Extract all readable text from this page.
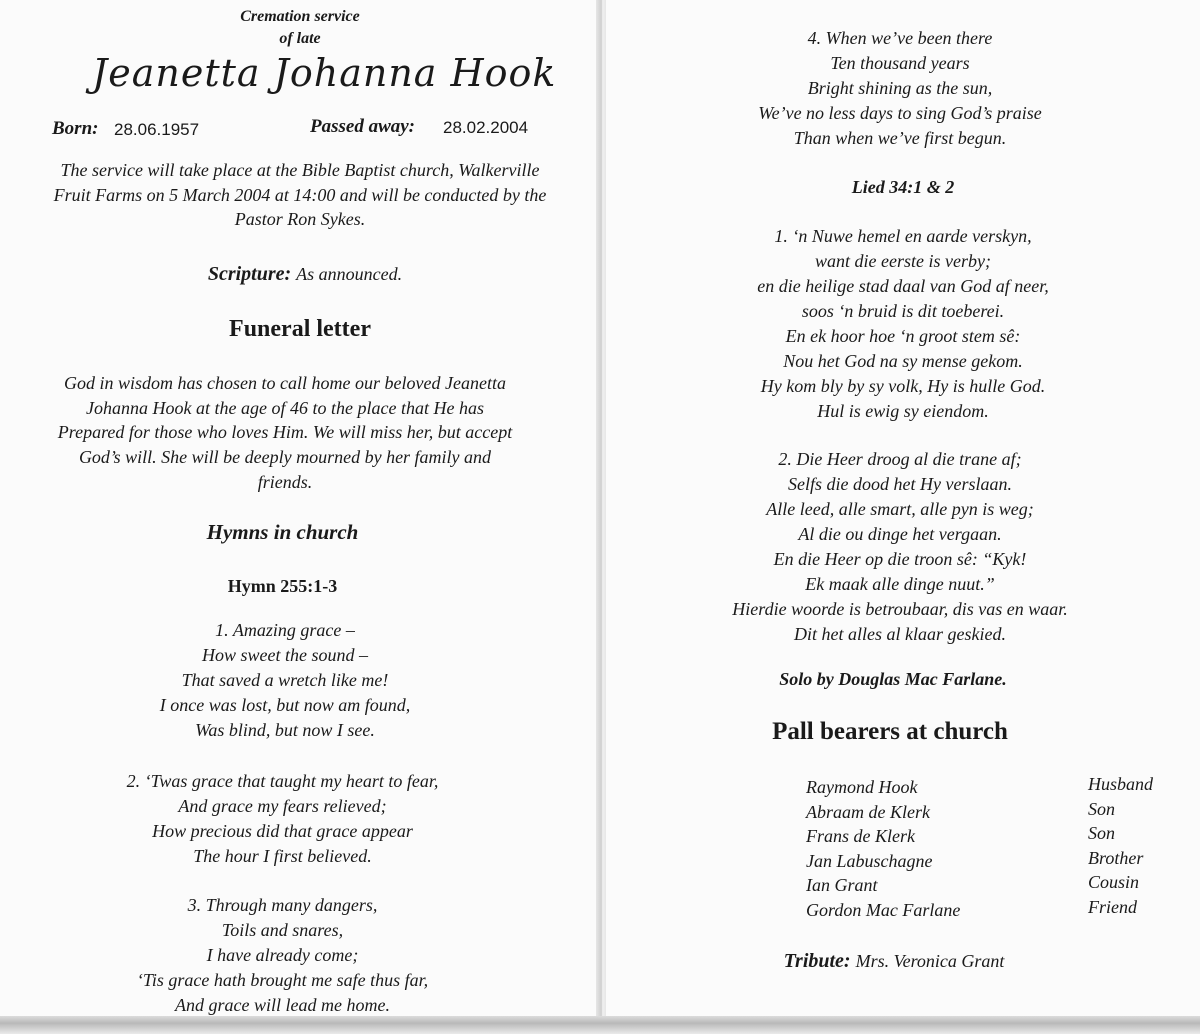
Cremation service
of late
Jeanetta Johanna Hook
Born: 28.06.1957	Passed away: 28.02.2004
The service will take place at the Bible Baptist church, Walkerville
Fruit Farms on 5 March 2004 at 14:00 and will be conducted by the
Pastor Ron Sykes.
Scripture: As announced.
Funeral letter
God in wisdom has chosen to call home our beloved Jeanetta
Johanna Hook at the age of 46 to the place that He has
Prepared for those who loves Him. We will miss her, but accept
God’s will. She will be deeply mourned by her family and
friends.
Hymns in church
Hymn 255:1-3
1. Amazing grace –
How sweet the sound –
That saved a wretch like me!
I once was lost, but now am found,
Was blind, but now I see.
2. ‘Twas grace that taught my heart to fear,
And grace my fears relieved;
How precious did that grace appear
The hour I first believed.
3. Through many dangers,
Toils and snares,
I have already come;
‘Tis grace hath brought me safe thus far,
And grace will lead me home.
4. When we’ve been there
Ten thousand years
Bright shining as the sun,
We’ve no less days to sing God’s praise
Than when we’ve first begun.
Lied 34:1 & 2
1. ‘n Nuwe hemel en aarde verskyn,
want die eerste is verby;
en die heilige stad daal van God af neer,
soos ‘n bruid is dit toeberei.
En ek hoor hoe ‘n groot stem sê:
Nou het God na sy mense gekom.
Hy kom bly by sy volk, Hy is hulle God.
Hul is ewig sy eiendom.
2. Die Heer droog al die trane af;
Selfs die dood het Hy verslaan.
Alle leed, alle smart, alle pyn is weg;
Al die ou dinge het vergaan.
En die Heer op die troon sê: “Kyk!
Ek maak alle dinge nuut.”
Hierdie woorde is betroubaar, dis vas en waar.
Dit het alles al klaar geskied.
Solo by Douglas Mac Farlane.
Pall bearers at church
Raymond Hook
Abraam de Klerk
Frans de Klerk
Jan Labuschagne
Ian Grant
Gordon Mac Farlane
Husband
Son
Son
Brother
Cousin
Friend
Tribute: Mrs. Veronica Grant
